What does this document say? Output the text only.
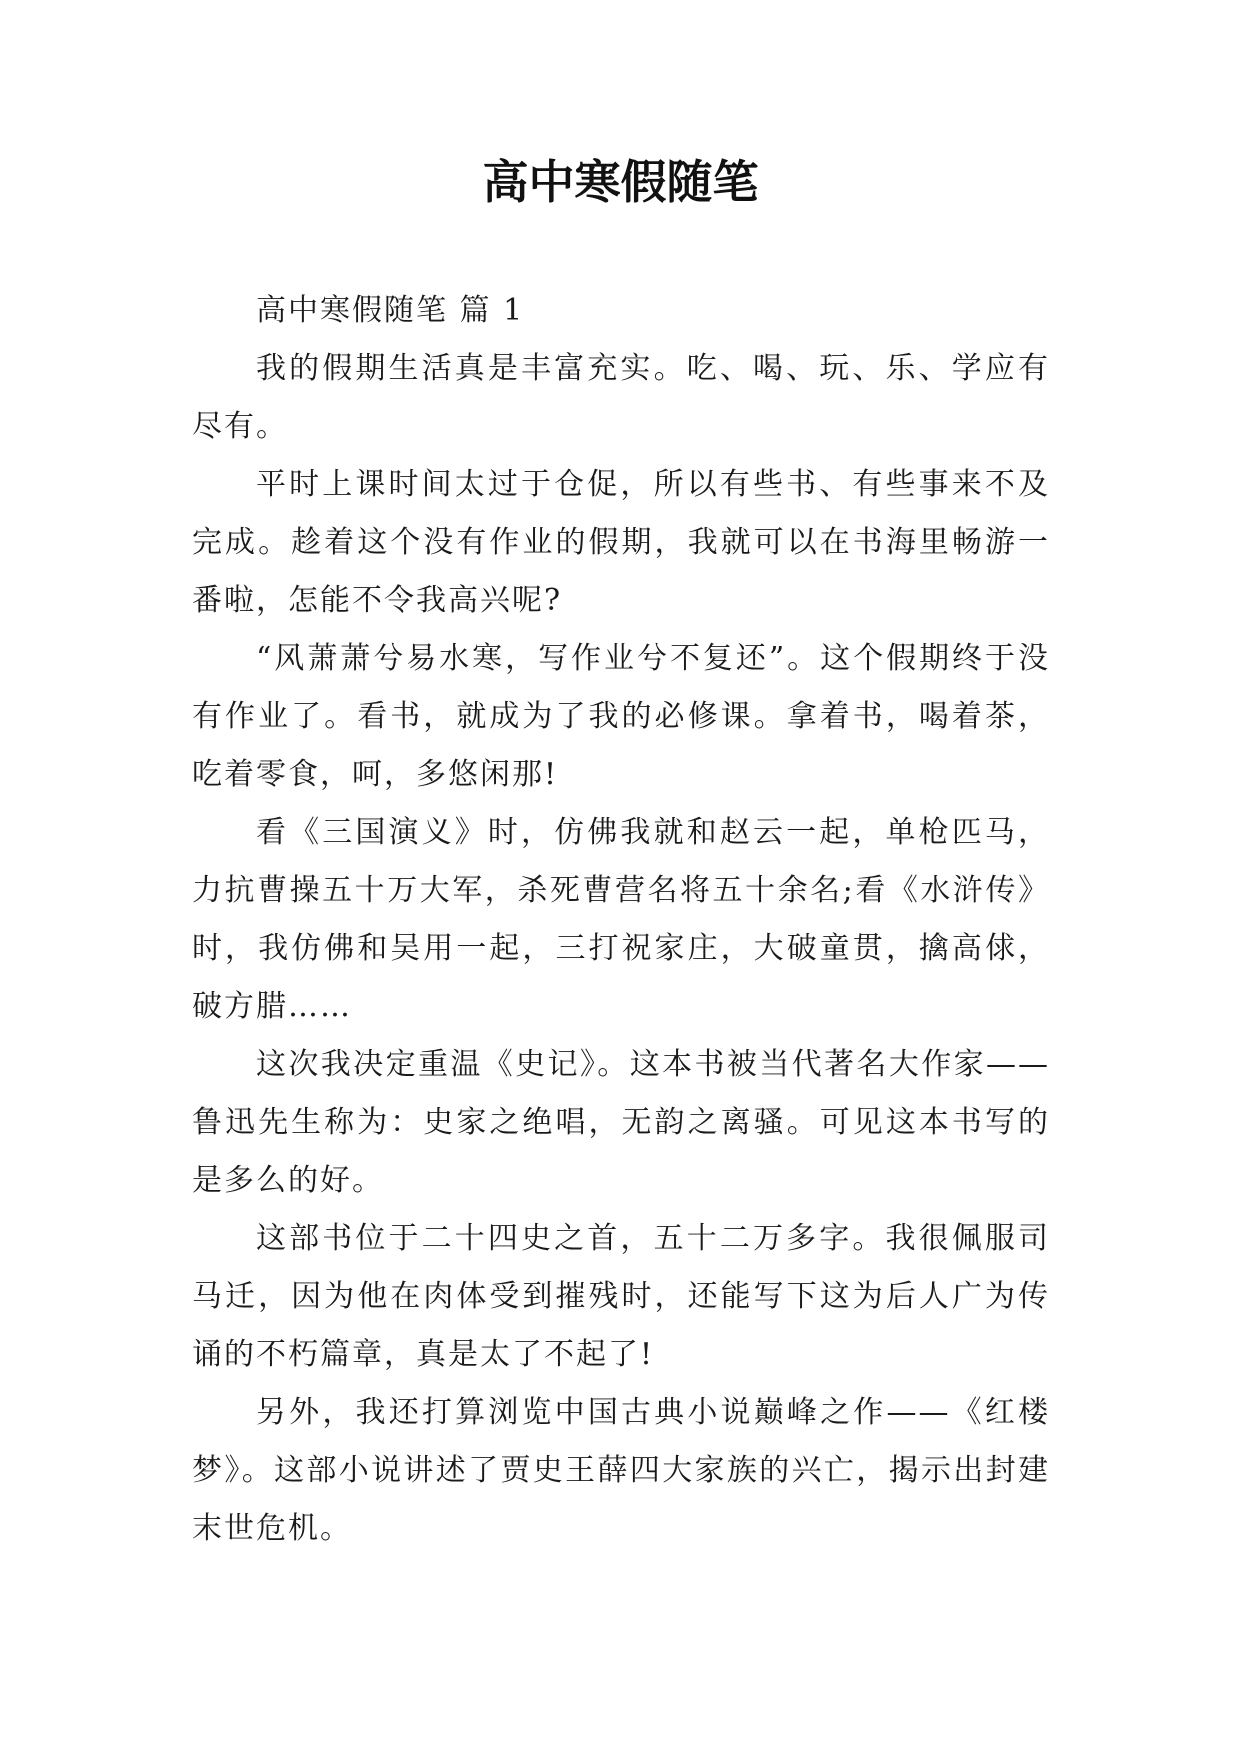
高中寒假随笔

高中寒假随笔 篇 1

我的假期生活真是丰富充实。吃、喝、玩、乐、学应有尽有。

平时上课时间太过于仓促，所以有些书、有些事来不及完成。趁着这个没有作业的假期，我就可以在书海里畅游一番啦，怎能不令我高兴呢?

“风萧萧兮易水寒，写作业兮不复还”。这个假期终于没有作业了。看书，就成为了我的必修课。拿着书，喝着茶，吃着零食，呵，多悠闲那!

看《三国演义》时，仿佛我就和赵云一起，单枪匹马，力抗曹操五十万大军，杀死曹营名将五十余名;看《水浒传》时，我仿佛和吴用一起，三打祝家庄，大破童贯，擒高俅，破方腊……

这次我决定重温《史记》。这本书被当代著名大作家——鲁迅先生称为：史家之绝唱，无韵之离骚。可见这本书写的是多么的好。

这部书位于二十四史之首，五十二万多字。我很佩服司马迁，因为他在肉体受到摧残时，还能写下这为后人广为传诵的不朽篇章，真是太了不起了!

另外，我还打算浏览中国古典小说巅峰之作——《红楼梦》。这部小说讲述了贾史王薛四大家族的兴亡，揭示出封建末世危机。
